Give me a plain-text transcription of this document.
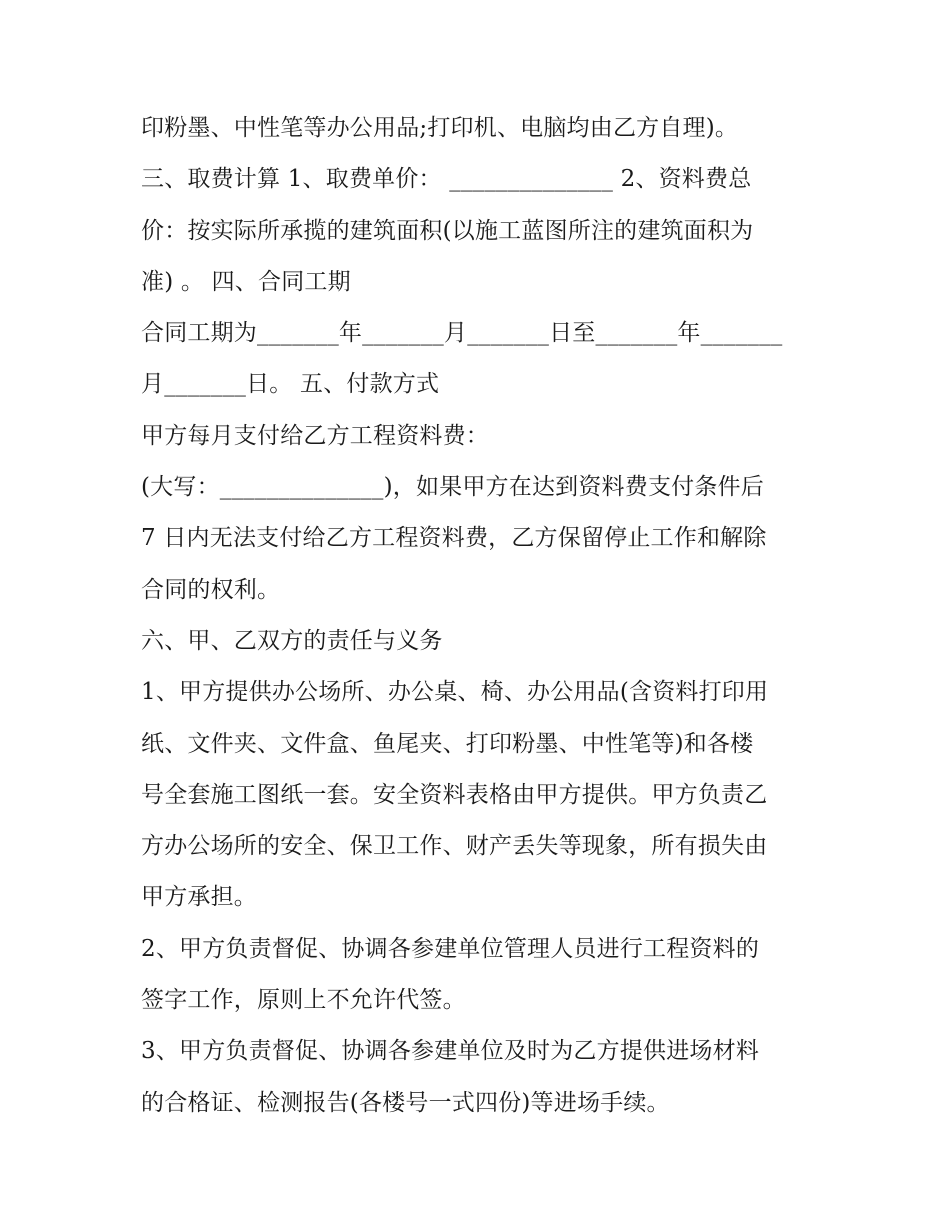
印粉墨、中性笔等办公用品;打印机、电脑均由乙方自理)。
三、取费计算 1、取费单价： ______________ 2、资料费总
价：按实际所承揽的建筑面积(以施工蓝图所注的建筑面积为
准) 。 四、合同工期
合同工期为_______年_______月_______日至_______年_______
月_______日。 五、付款方式
甲方每月支付给乙方工程资料费：
(大写：______________)，如果甲方在达到资料费支付条件后
7 日内无法支付给乙方工程资料费，乙方保留停止工作和解除
合同的权利。
六、甲、乙双方的责任与义务
1、甲方提供办公场所、办公桌、椅、办公用品(含资料打印用
纸、文件夹、文件盒、鱼尾夹、打印粉墨、中性笔等)和各楼
号全套施工图纸一套。安全资料表格由甲方提供。甲方负责乙
方办公场所的安全、保卫工作、财产丢失等现象，所有损失由
甲方承担。
2、甲方负责督促、协调各参建单位管理人员进行工程资料的
签字工作，原则上不允许代签。
3、甲方负责督促、协调各参建单位及时为乙方提供进场材料
的合格证、检测报告(各楼号一式四份)等进场手续。
